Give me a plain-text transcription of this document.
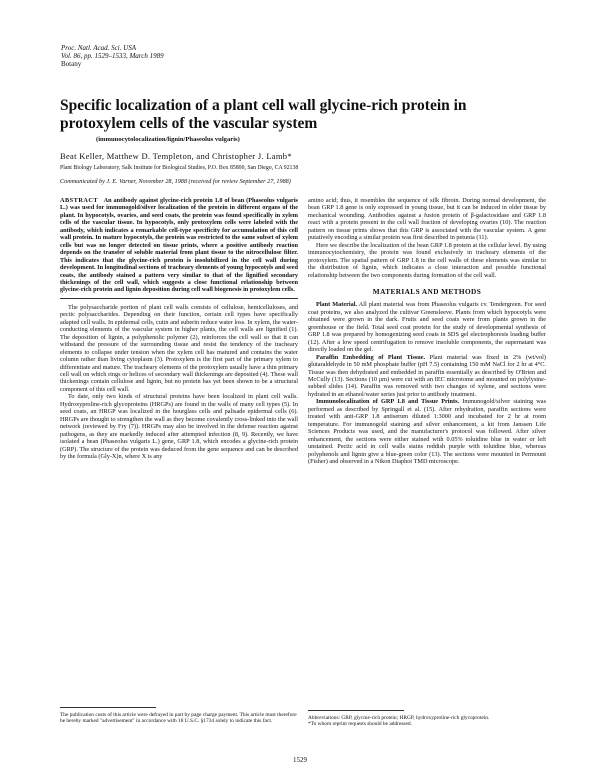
Proc. Natl. Acad. Sci. USA
Vol. 86, pp. 1529–1533, March 1989
Botany
Specific localization of a plant cell wall glycine-rich protein in protoxylem cells of the vascular system
(immunocytolocalization/lignin/Phaseolus vulgaris)
Beat Keller, Matthew D. Templeton, and Christopher J. Lamb*
Plant Biology Laboratory, Salk Institute for Biological Studies, P.O. Box 85800, San Diego, CA 92138
Communicated by J. E. Varner, November 28, 1988 (received for review September 27, 1988)

ABSTRACT An antibody against glycine-rich protein 1.8 of bean (Phaseolus vulgaris L.) was used for immunogold/silver localization of the protein in different organs of the plant. In hypocotyls, ovaries, and seed coats, the protein was found specifically in xylem cells of the vascular tissue. In hypocotyls, only protoxylem cells were labeled with the antibody, which indicates a remarkable cell-type specificity for accumulation of this cell wall protein. In mature hypocotyls, the protein was restricted to the same subset of xylem cells but was no longer detected on tissue prints, where a positive antibody reaction depends on the transfer of soluble material from plant tissue to the nitrocellulose filter. This indicates that the glycine-rich protein is insolubilized in the cell wall during development. In longitudinal sections of tracheary elements of young hypocotyls and seed coats, the antibody stained a pattern very similar to that of the lignified secondary thickenings of the cell wall, which suggests a close functional relationship between glycine-rich protein and lignin deposition during cell wall biogenesis in protoxylem cells.

The polysaccharide portion of plant cell walls consists of cellulose, hemicelluloses, and pectic polysaccharides. Depending on their function, certain cell types have specifically adapted cell walls. In epidermal cells, cutin and suberin reduce water loss. In xylem, the water-conducting elements of the vascular system in higher plants, the cell walls are lignified (1). The deposition of lignin, a polyphenolic polymer (2), reinforces the cell wall so that it can withstand the pressure of the surrounding tissue and resist the tendency of the tracheary elements to collapse under tension when the xylem cell has matured and contains the water column rather than living cytoplasm (3). Protoxylem is the first part of the primary xylem to differentiate and mature. The tracheary elements of the protoxylem usually have a thin primary cell wall on which rings or helices of secondary wall thickenings are deposited (4). These wall thickenings contain cellulose and lignin, but no protein has yet been shown to be a structural component of this cell wall.

To date, only two kinds of structural proteins have been localized in plant cell walls. Hydroxyproline-rich glycoproteins (HRGPs) are found in the walls of many cell types (5). In seed coats, an HRGP was localized in the hourglass cells and palisade epidermal cells (6). HRGPs are thought to strengthen the wall as they become covalently cross-linked into the wall network (reviewed by Fry (7)). HRGPs may also be involved in the defense reaction against pathogens, as they are markedly induced after attempted infection (8, 9). Recently, we have isolated a bean (Phaseolus vulgaris L.) gene, GRP 1.8, which encodes a glycine-rich protein (GRP). The structure of the protein was deduced from the gene sequence and can be described by the formula (Gly-X)n, where X is any

The publication costs of this article were defrayed in part by page charge payment. This article must therefore be hereby marked "advertisement" in accordance with 18 U.S.C. §1734 solely to indicate this fact.

amino acid; thus, it resembles the sequence of silk fibroin. During normal development, the bean GRP 1.8 gene is only expressed in young tissue, but it can be induced in older tissue by mechanical wounding. Antibodies against a fusion protein of β-galactosidase and GRP 1.8 react with a protein present in the cell wall fraction of developing ovaries (10). The reaction pattern on tissue prints shows that this GRP is associated with the vascular system. A gene putatively encoding a similar protein was first described in petunia (11).

Here we describe the localization of the bean GRP 1.8 protein at the cellular level. By using immunocytochemistry, the protein was found exclusively in tracheary elements of the protoxylem. The spatial pattern of GRP 1.8 in the cell walls of these elements was similar to the distribution of lignin, which indicates a close interaction and possible functional relationship between the two components during formation of the cell wall.

MATERIALS AND METHODS

Plant Material. All plant material was from Phaseolus vulgaris cv. Tendergreen. For seed coat proteins, we also analyzed the cultivar Greensleeve. Plants from which hypocotyls were obtained were grown in the dark. Fruits and seed coats were from plants grown in the greenhouse or the field. Total seed coat protein for the study of developmental synthesis of GRP 1.8 was prepared by homogenizing seed coats in SDS gel electrophoresis loading buffer (12). After a low speed centrifugation to remove insoluble components, the supernatant was directly loaded on the gel.

Paraffin Embedding of Plant Tissue. Plant material was fixed in 2% (wt/vol) glutaraldehyde in 50 mM phosphate buffer (pH 7.5) containing 150 mM NaCl for 2 hr at 4°C. Tissue was then dehydrated and embedded in paraffin essentially as described by O'Brien and McCully (13). Sections (10 μm) were cut with an IEC microtome and mounted on polylysine-subbed slides (14). Paraffin was removed with two changes of xylene, and sections were hydrated in an ethanol/water series just prior to antibody treatment.

Immunolocalization of GRP 1.8 and Tissue Prints. Immunogold/silver staining was performed as described by Springall et al. (15). After rehydration, paraffin sections were treated with anti-GRP 1.8 antiserum diluted 1:3000 and incubated for 2 hr at room temperature. For immunogold staining and silver enhancement, a kit from Janssen Life Sciences Products was used, and the manufacturer's protocol was followed. After silver enhancement, the sections were either stained with 0.05% toluidine blue in water or left unstained. Pectic acid in cell walls stains reddish purple with toluidine blue, whereas polyphenols and lignin give a blue-green color (13). The sections were mounted in Permount (Fisher) and observed in a Nikon Diaphot TMD microscope.

Abbreviations: GRP, glycine-rich protein; HRGP, hydroxyproline-rich glycoprotein.
*To whom reprint requests should be addressed.
1529
